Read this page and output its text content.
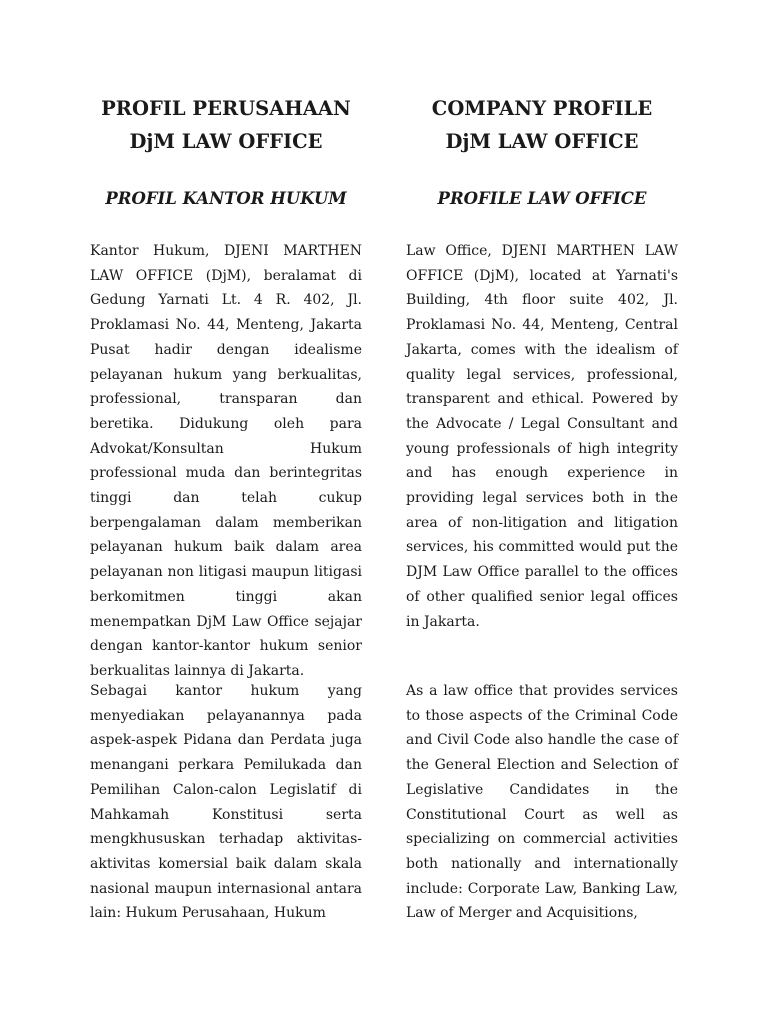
PROFIL PERUSAHAAN
DjM LAW OFFICE
PROFIL KANTOR HUKUM

Kantor Hukum, DJENI MARTHEN LAW OFFICE (DjM), beralamat di Gedung Yarnati Lt. 4 R. 402, Jl. Proklamasi No. 44, Menteng, Jakarta Pusat hadir dengan idealisme pelayanan hukum yang berkualitas, professional, transparan dan beretika. Didukung oleh para Advokat/Konsultan Hukum professional muda dan berintegritas tinggi dan telah cukup berpengalaman dalam memberikan pelayanan hukum baik dalam area pelayanan non litigasi maupun litigasi berkomitmen tinggi akan menempatkan DjM Law Office sejajar dengan kantor-kantor hukum senior berkualitas lainnya di Jakarta.

Sebagai kantor hukum yang menyediakan pelayanannya pada aspek-aspek Pidana dan Perdata juga menangani perkara Pemilukada dan Pemilihan Calon-calon Legislatif di Mahkamah Konstitusi serta mengkhususkan terhadap aktivitas-aktivitas komersial baik dalam skala nasional maupun internasional antara lain: Hukum Perusahaan, Hukum

COMPANY PROFILE
DjM LAW OFFICE
PROFILE LAW OFFICE

Law Office, DJENI MARTHEN LAW OFFICE (DjM), located at Yarnati's Building, 4th floor suite 402, Jl. Proklamasi No. 44, Menteng, Central Jakarta, comes with the idealism of quality legal services, professional, transparent and ethical. Powered by the Advocate / Legal Consultant and young professionals of high integrity and has enough experience in providing legal services both in the area of non-litigation and litigation services, his committed would put the DJM Law Office parallel to the offices of other qualified senior legal offices in Jakarta.

As a law office that provides services to those aspects of the Criminal Code and Civil Code also handle the case of the General Election and Selection of Legislative Candidates in the Constitutional Court as well as specializing on commercial activities both nationally and internationally include: Corporate Law, Banking Law, Law of Merger and Acquisitions,
